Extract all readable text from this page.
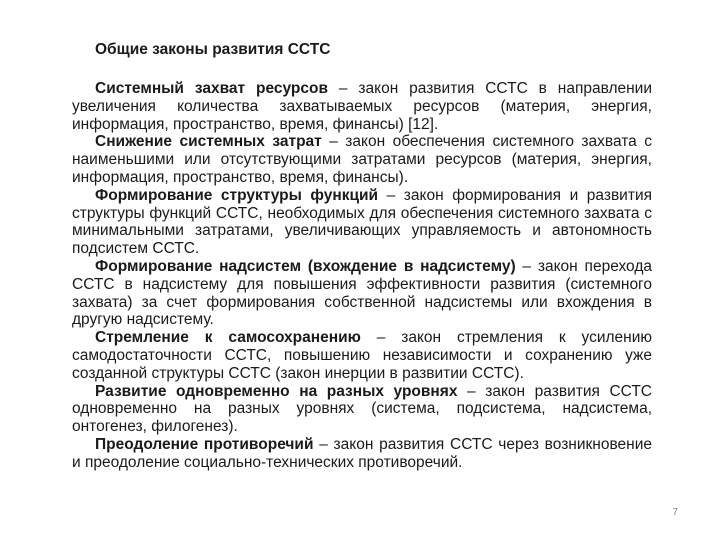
Общие законы развития ССТС

Системный захват ресурсов – закон развития ССТС в направлении увеличения количества захватываемых ресурсов (материя, энергия, информация, пространство, время, финансы) [12].

Снижение системных затрат – закон обеспечения системного захвата с наименьшими или отсутствующими затратами ресурсов (материя, энергия, информация, пространство, время, финансы).

Формирование структуры функций – закон формирования и развития структуры функций ССТС, необходимых для обеспечения системного захвата с минимальными затратами, увеличивающих управляемость и автономность подсистем ССТС.

Формирование надсистем (вхождение в надсистему) – закон перехода ССТС в надсистему для повышения эффективности развития (системного захвата) за счет формирования собственной надсистемы или вхождения в другую надсистему.

Стремление к самосохранению – закон стремления к усилению самодостаточности ССТС, повышению независимости и сохранению уже созданной структуры ССТС (закон инерции в развитии ССТС).

Развитие одновременно на разных уровнях – закон развития ССТС одновременно на разных уровнях (система, подсистема, надсистема, онтогенез, филогенез).

Преодоление противоречий – закон развития ССТС через возникновение и преодоление социально-технических противоречий.

7
